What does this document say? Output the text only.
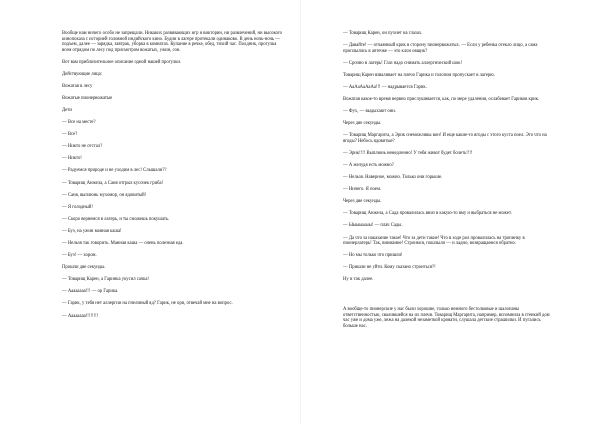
Вообще нам ничего особо не запрещали. Никаких развивающих игр и викторин, ни развлечений, ни высокого кинопоказа с историей головной индийского кино. Будни в лагере протекали одинаково. В день ночь-ночь — подъем, далее — зарядка, завтрак, уборка в комнатах. Купание в речке, обед, тихий час. Полдник, прогулка всем отрядом по лесу под присмотром вожатых, ужин, сон.

Вот вам приблизительное описание одной нашей прогулки.

Действующие лица:

Вожатая в лесу

Вожатые пионервожатые

Дети

— Все на месте?

— Все?

— Никто не отстал?

— Никто!

— Радуемся природе и не уходим в лес! Слышали??

— Товарищ Анжела, а Саня отгрыз кусочек гриба!

— Саня, выплюнь мухомор, он ядовитый!

— Я голодный!

— Скоро вернемся в лагерь, и ты сможешь покушать.

— Буэ, на ужин манная каша!

— Нельзя так говорить. Манная каша — очень полезная еда.

— Буэ! — хором.

Прошли две секунды.

— Товарищ Карен, а Гаринка укусил сачка!

— Аааааааа!!! — ор Гарика.

— Гарик, у тебя нет аллергии на пчелиный яд? Гарик, не ори, отвечай мне на вопрос.

— Аааааааа!!!!!!!!

— Товарищ Карен, он пухнет на глазах.

— Давайте! — отчаянный крик в сторону пионервожатых. — Если у ребенка отекло лицо, а сама проплылись в аптечке — это клон овщик?

— Срочно в лагерь! Глаз надо снимать аллергический шок!

Товарищ Карен взваливает на плечо Гарика и голопом пропускает в лагерю.

— АаАаАаАаАа!!! — надрывается Гарик.

Вожатая какое-то время нервно прислушивается, как, по мере удаления, ослабевает Гариков крик.

— Фух, — выдыхают они.

Через две секунды.

— Товарищ Маргарита, а Эрик снеможливы вон! И еще какие-то ягоды с этого куста поел. Это что на ягоды? Небось ядовитые?

— Эрик!!!! Выплюнь немедленно! У тебя живот будет болеть!!!!

— А желудя есть можно?

— Нельзя. Наверное, можно. Только они горькие.

— Ничего. Я поем.

Через две секунды.

— Товарищ Анжела, а Сада провалилась вниз в какую-то яму и выбраться не может.

— Ыыыыыыы! — плач Сады.

— Да что за наказание такое! Что за дети такие! Что в ходе рол провалилась на тропинку в пионерлагерь! Так, внимание! Строимся, пошлыли — и ладно, возвращаемся обратно.

— Но мы только что пришли!

— Пришли не уйти. Кому сказано строиться?!

Ну и так далее.

А вообще-то пионерские у нас были хорошие, только немного бестолковые и шалопаны ответственностью, свалившейся на их плечи. Товарищ Маргарита, например, вспомнила в стенкий дом час уже и дома уже, лежа на далекой незаметкой кровати, слушала детские страшилки. И пугались больше нас.
